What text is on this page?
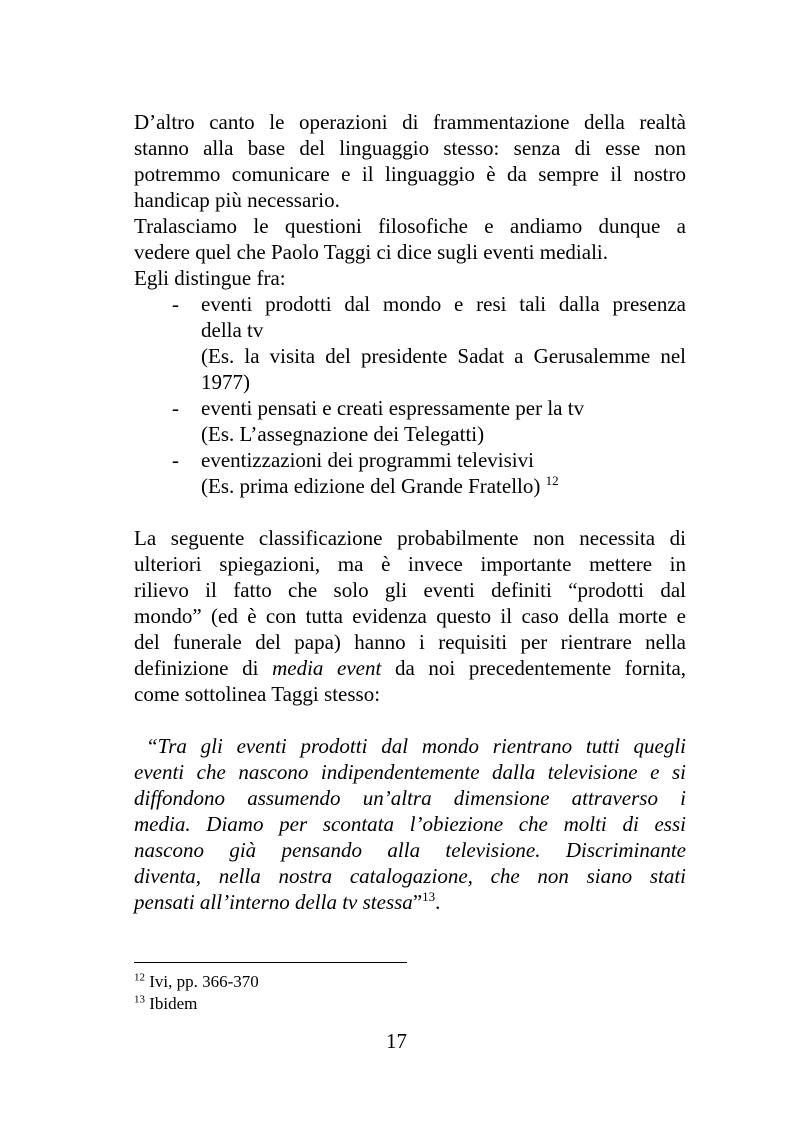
D’altro canto le operazioni di frammentazione della realtà
stanno alla base del linguaggio stesso: senza di esse non
potremmo comunicare e il linguaggio è da sempre il nostro
handicap più necessario.
Tralasciamo le questioni filosofiche e andiamo dunque a
vedere quel che Paolo Taggi ci dice sugli eventi mediali.
Egli distingue fra:
- eventi prodotti dal mondo e resi tali dalla presenza
della tv
(Es. la visita del presidente Sadat a Gerusalemme nel
1977)
- eventi pensati e creati espressamente per la tv
(Es. L’assegnazione dei Telegatti)
- eventizzazioni dei programmi televisivi
(Es. prima edizione del Grande Fratello) $^{12}$
La seguente classificazione probabilmente non necessita di
ulteriori spiegazioni, ma è invece importante mettere in
rilievo il fatto che solo gli eventi definiti “prodotti dal
mondo” (ed è con tutta evidenza questo il caso della morte e
del funerale del papa) hanno i requisiti per rientrare nella
definizione di media event da noi precedentemente fornita,
come sottolinea Taggi stesso:
“Tra gli eventi prodotti dal mondo rientrano tutti quegli
eventi che nascono indipendentemente dalla televisione e si
diffondono assumendo un’altra dimensione attraverso i
media. Diamo per scontata l’obiezione che molti di essi
nascono già pensando alla televisione. Discriminante
diventa, nella nostra catalogazione, che non siano stati
pensati all’interno della tv stessa”$^{13}$.
$^{12}$ Ivi, pp. 366-370
$^{13}$ Ibidem
17
